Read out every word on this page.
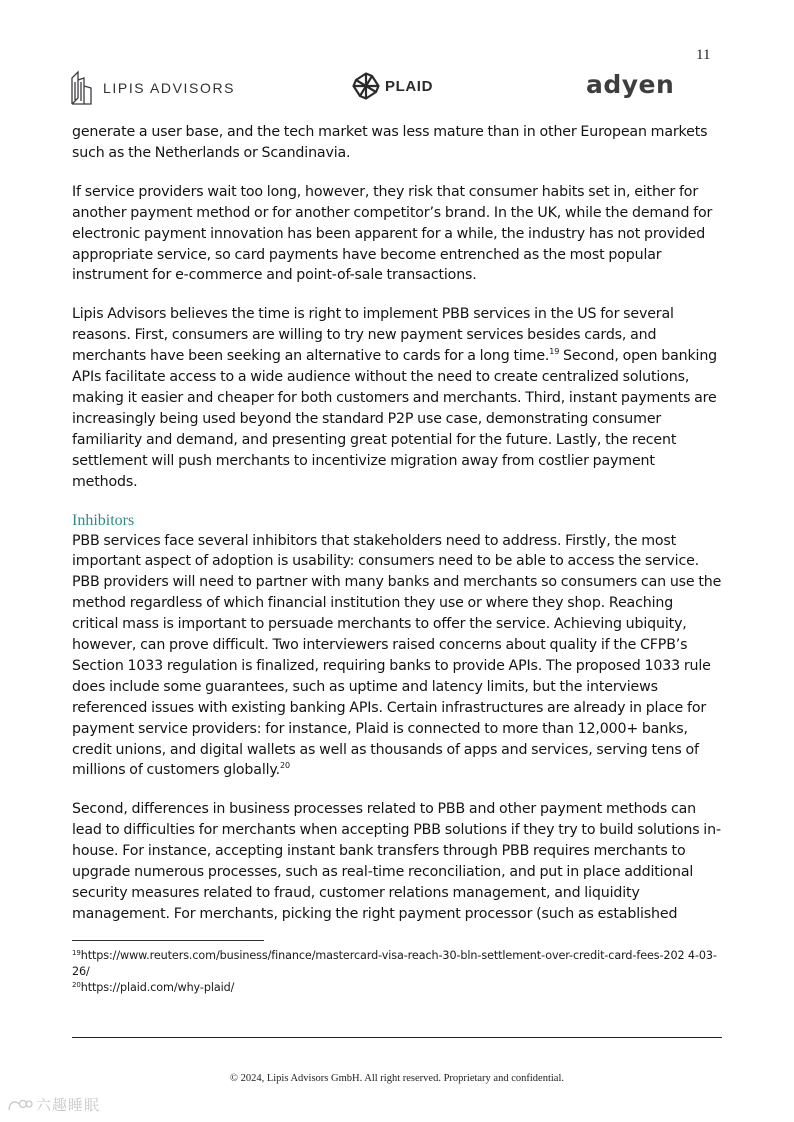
11
LIPIS ADVISORS	PLAID	adyen

generate a user base, and the tech market was less mature than in other European markets such as the Netherlands or Scandinavia.

If service providers wait too long, however, they risk that consumer habits set in, either for another payment method or for another competitor’s brand. In the UK, while the demand for electronic payment innovation has been apparent for a while, the industry has not provided appropriate service, so card payments have become entrenched as the most popular instrument for e-commerce and point-of-sale transactions.

Lipis Advisors believes the time is right to implement PBB services in the US for several reasons. First, consumers are willing to try new payment services besides cards, and merchants have been seeking an alternative to cards for a long time.$^{19}$ Second, open banking APIs facilitate access to a wide audience without the need to create centralized solutions, making it easier and cheaper for both customers and merchants. Third, instant payments are increasingly being used beyond the standard P2P use case, demonstrating consumer familiarity and demand, and presenting great potential for the future. Lastly, the recent settlement will push merchants to incentivize migration away from costlier payment methods.

Inhibitors

PBB services face several inhibitors that stakeholders need to address. Firstly, the most important aspect of adoption is usability: consumers need to be able to access the service. PBB providers will need to partner with many banks and merchants so consumers can use the method regardless of which financial institution they use or where they shop. Reaching critical mass is important to persuade merchants to offer the service. Achieving ubiquity, however, can prove difficult. Two interviewers raised concerns about quality if the CFPB’s Section 1033 regulation is finalized, requiring banks to provide APIs. The proposed 1033 rule does include some guarantees, such as uptime and latency limits, but the interviews referenced issues with existing banking APIs. Certain infrastructures are already in place for payment service providers: for instance, Plaid is connected to more than 12,000+ banks, credit unions, and digital wallets as well as thousands of apps and services, serving tens of millions of customers globally.$^{20}$

Second, differences in business processes related to PBB and other payment methods can lead to difficulties for merchants when accepting PBB solutions if they try to build solutions in-house. For instance, accepting instant bank transfers through PBB requires merchants to upgrade numerous processes, such as real-time reconciliation, and put in place additional security measures related to fraud, customer relations management, and liquidity management. For merchants, picking the right payment processor (such as established

$^{19}$https://www.reuters.com/business/finance/mastercard-visa-reach-30-bln-settlement-over-credit-card-fees-202 4-03-26/
$^{20}$https://plaid.com/why-plaid/
© 2024, Lipis Advisors GmbH. All right reserved. Proprietary and confidential.
六趣睡眠
